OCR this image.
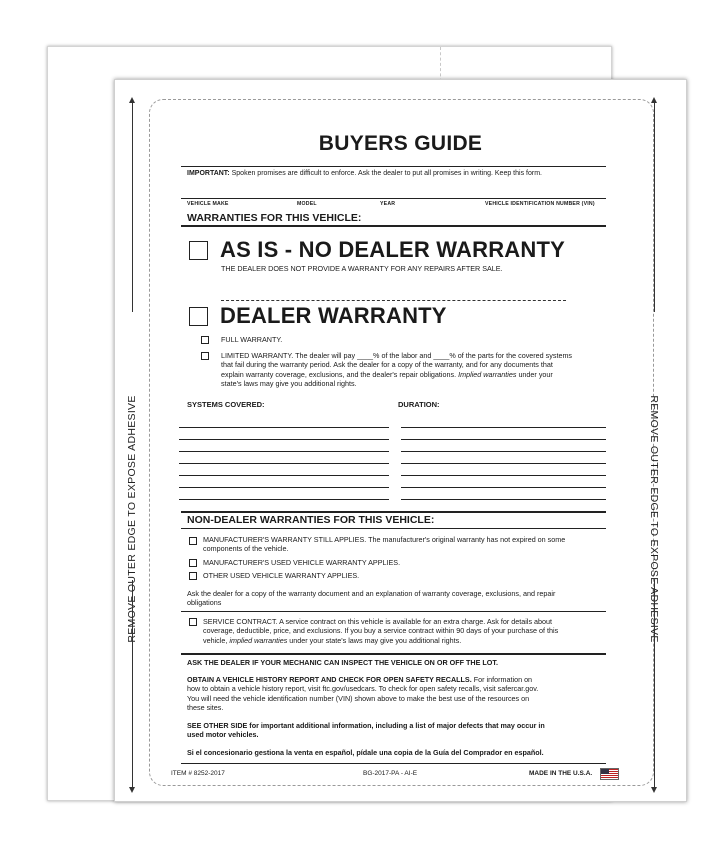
REMOVE OUTER EDGE TO EXPOSE ADHESIVE	REMOVE OUTER EDGE TO EXPOSE ADHESIVE
BUYERS GUIDE
IMPORTANT: Spoken promises are difficult to enforce. Ask the dealer to put all promises in writing. Keep this form.
VEHICLE MAKE	MODEL	YEAR	VEHICLE IDENTIFICATION NUMBER (VIN)
WARRANTIES FOR THIS VEHICLE:
AS IS - NO DEALER WARRANTY
THE DEALER DOES NOT PROVIDE A WARRANTY FOR ANY REPAIRS AFTER SALE.
DEALER WARRANTY
FULL WARRANTY.
LIMITED WARRANTY. The dealer will pay ____% of the labor and ____% of the parts for the covered systems
that fail during the warranty period. Ask the dealer for a copy of the warranty, and for any documents that
explain warranty coverage, exclusions, and the dealer's repair obligations. Implied warranties under your
state's laws may give you additional rights.
SYSTEMS COVERED:	DURATION:
NON-DEALER WARRANTIES FOR THIS VEHICLE:
MANUFACTURER'S WARRANTY STILL APPLIES. The manufacturer's original warranty has not expired on some
components of the vehicle.
MANUFACTURER'S USED VEHICLE WARRANTY APPLIES.
OTHER USED VEHICLE WARRANTY APPLIES.
Ask the dealer for a copy of the warranty document and an explanation of warranty coverage, exclusions, and repair
obligations
SERVICE CONTRACT. A service contract on this vehicle is available for an extra charge. Ask for details about
coverage, deductible, price, and exclusions. If you buy a service contract within 90 days of your purchase of this
vehicle, implied warranties under your state's laws may give you additional rights.
ASK THE DEALER IF YOUR MECHANIC CAN INSPECT THE VEHICLE ON OR OFF THE LOT.
OBTAIN A VEHICLE HISTORY REPORT AND CHECK FOR OPEN SAFETY RECALLS. For information on
how to obtain a vehicle history report, visit ftc.gov/usedcars. To check for open safety recalls, visit safercar.gov.
You will need the vehicle identification number (VIN) shown above to make the best use of the resources on
these sites.
SEE OTHER SIDE for important additional information, including a list of major defects that may occur in
used motor vehicles.
Si el concesionario gestiona la venta en español, pídale una copia de la Guía del Comprador en español.
ITEM # 8252-2017	BG-2017-PA - AI-E	MADE IN THE U.S.A.
